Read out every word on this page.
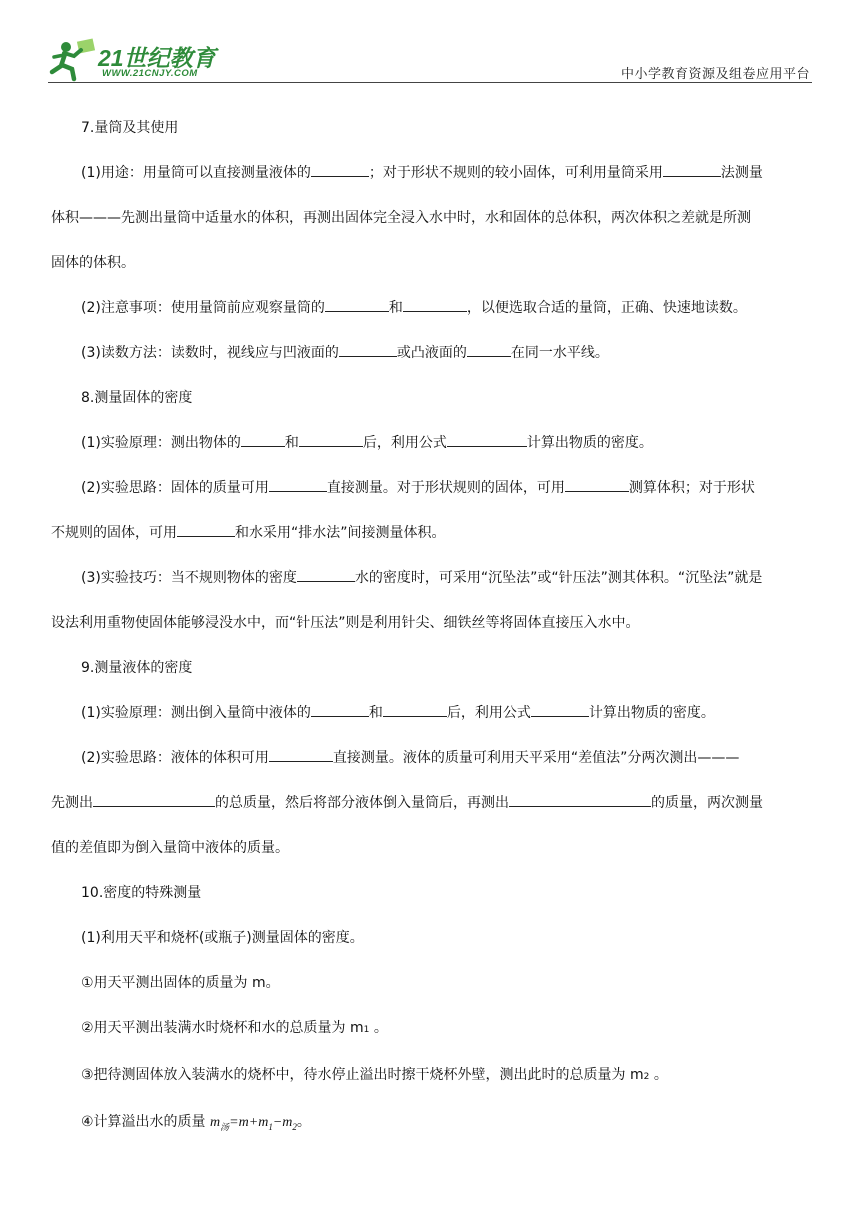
21世纪教育
WWW.21CNJY.COM	中小学教育资源及组卷应用平台

7.量筒及其使用

(1)用途：用量筒可以直接测量液体的	；对于形状不规则的较小固体，可利用量筒采用	法测量

体积———先测出量筒中适量水的体积，再测出固体完全浸入水中时，水和固体的总体积，两次体积之差就是所测

固体的体积。

(2)注意事项：使用量筒前应观察量筒的	和	，以便选取合适的量筒，正确、快速地读数。

(3)读数方法：读数时，视线应与凹液面的	或凸液面的	在同一水平线。

8.测量固体的密度

(1)实验原理：测出物体的	和	后，利用公式	计算出物质的密度。

(2)实验思路：固体的质量可用	直接测量。对于形状规则的固体，可用	测算体积；对于形状

不规则的固体，可用	和水采用“排水法”间接测量体积。

(3)实验技巧：当不规则物体的密度	水的密度时，可采用“沉坠法”或“针压法”测其体积。“沉坠法”就是

设法利用重物使固体能够浸没水中，而“针压法”则是利用针尖、细铁丝等将固体直接压入水中。

9.测量液体的密度

(1)实验原理：测出倒入量筒中液体的	和	后，利用公式	计算出物质的密度。

(2)实验思路：液体的体积可用	直接测量。液体的质量可利用天平采用“差值法”分两次测出———

先测出	的总质量，然后将部分液体倒入量筒后，再测出	的质量，两次测量

值的差值即为倒入量筒中液体的质量。

10.密度的特殊测量

(1)利用天平和烧杯(或瓶子)测量固体的密度。

①用天平测出固体的质量为 m。

②用天平测出装满水时烧杯和水的总质量为 m1 。

③把待测固体放入装满水的烧杯中，待水停止溢出时擦干烧杯外壁，测出此时的总质量为 m2 。

④计算溢出水的质量 $m_汤=m+m_1-m_2$。
